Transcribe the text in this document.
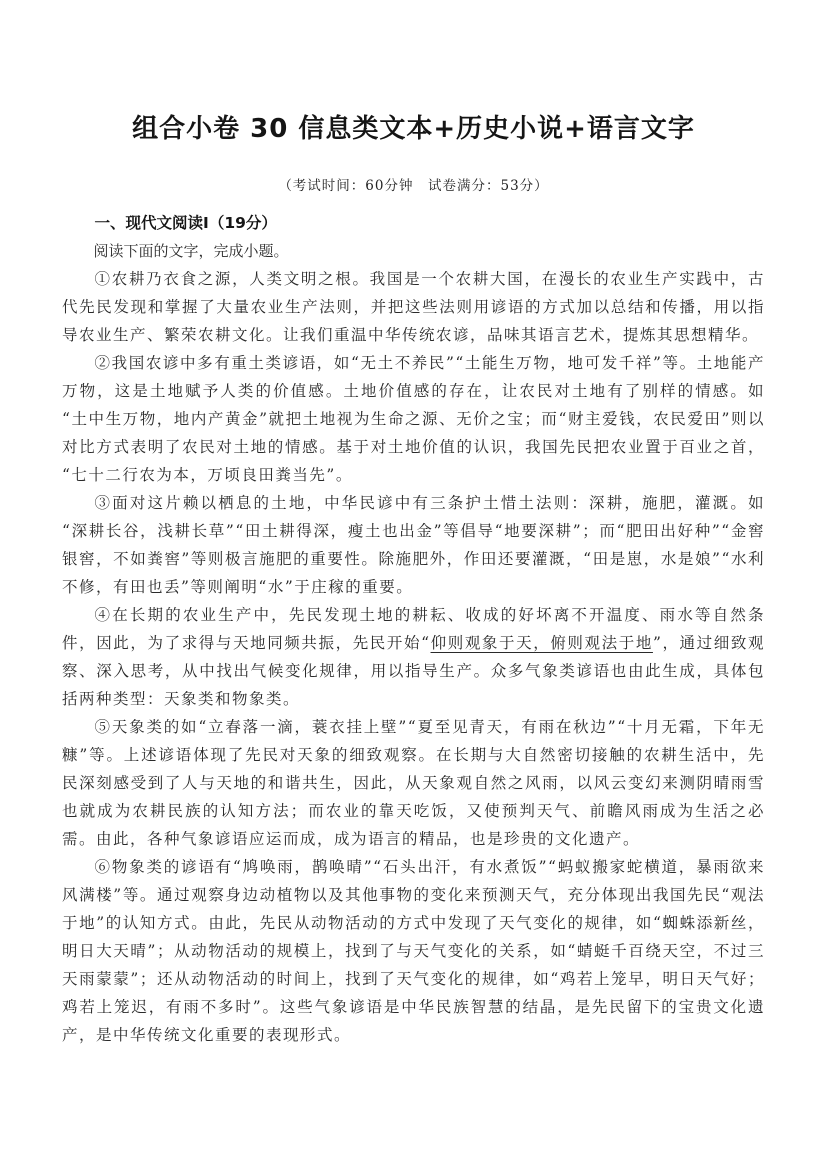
组合小卷 30 信息类文本+历史小说+语言文字
（考试时间：60分钟　试卷满分：53分）
一、现代文阅读Ⅰ（19分）
阅读下面的文字，完成小题。

①农耕乃衣食之源，人类文明之根。我国是一个农耕大国，在漫长的农业生产实践中，古代先民发现和掌握了大量农业生产法则，并把这些法则用谚语的方式加以总结和传播，用以指导农业生产、繁荣农耕文化。让我们重温中华传统农谚，品味其语言艺术，提炼其思想精华。

②我国农谚中多有重土类谚语，如“无土不养民”“土能生万物，地可发千祥”等。土地能产万物，这是土地赋予人类的价值感。土地价值感的存在，让农民对土地有了别样的情感。如“土中生万物，地内产黄金”就把土地视为生命之源、无价之宝；而“财主爱钱，农民爱田”则以对比方式表明了农民对土地的情感。基于对土地价值的认识，我国先民把农业置于百业之首，“七十二行农为本，万顷良田粪当先”。

③面对这片赖以栖息的土地，中华民谚中有三条护土惜土法则：深耕，施肥，灌溉。如“深耕长谷，浅耕长草”“田土耕得深，瘦土也出金”等倡导“地要深耕”；而“肥田出好种”“金窖银窖，不如粪窖”等则极言施肥的重要性。除施肥外，作田还要灌溉，“田是崽，水是娘”“水利不修，有田也丢”等则阐明“水”于庄稼的重要。

④在长期的农业生产中，先民发现土地的耕耘、收成的好坏离不开温度、雨水等自然条件，因此，为了求得与天地同频共振，先民开始“仰则观象于天，俯则观法于地”，通过细致观察、深入思考，从中找出气候变化规律，用以指导生产。众多气象类谚语也由此生成，具体包括两种类型：天象类和物象类。

⑤天象类的如“立春落一滴，蓑衣挂上壁”“夏至见青天，有雨在秋边”“十月无霜，下年无糠”等。上述谚语体现了先民对天象的细致观察。在长期与大自然密切接触的农耕生活中，先民深刻感受到了人与天地的和谐共生，因此，从天象观自然之风雨，以风云变幻来测阴晴雨雪也就成为农耕民族的认知方法；而农业的靠天吃饭，又使预判天气、前瞻风雨成为生活之必需。由此，各种气象谚语应运而成，成为语言的精品，也是珍贵的文化遗产。

⑥物象类的谚语有“鸠唤雨，鹊唤晴”“石头出汗，有水煮饭”“蚂蚁搬家蛇横道，暴雨欲来风满楼”等。通过观察身边动植物以及其他事物的变化来预测天气，充分体现出我国先民“观法于地”的认知方式。由此，先民从动物活动的方式中发现了天气变化的规律，如“蜘蛛添新丝，明日大天晴”；从动物活动的规模上，找到了与天气变化的关系，如“蜻蜓千百绕天空，不过三天雨蒙蒙”；还从动物活动的时间上，找到了天气变化的规律，如“鸡若上笼早，明日天气好；鸡若上笼迟，有雨不多时”。这些气象谚语是中华民族智慧的结晶，是先民留下的宝贵文化遗产，是中华传统文化重要的表现形式。
